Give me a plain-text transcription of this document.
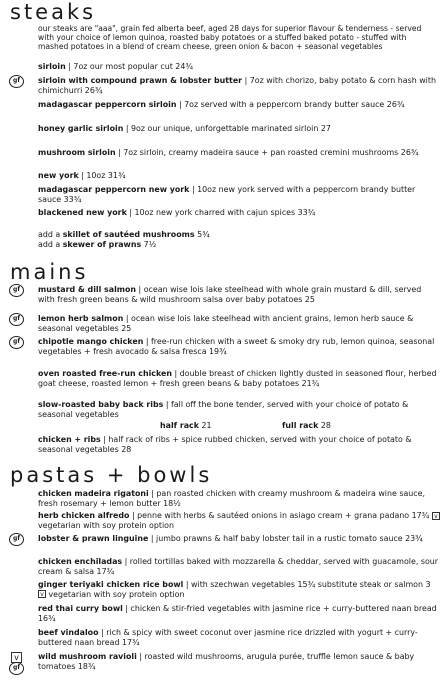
steaks
our steaks are "aaa", grain fed alberta beef, aged 28 days for superior flavour & tenderness - served with your choice of lemon quinoa, roasted baby potatoes or a stuffed baked potato - stuffed with mashed potatoes in a blend of cream cheese, green onion & bacon + seasonal vegetables
sirloin | 7oz our most popular cut 24¾
gf	sirloin with compound prawn & lobster butter | 7oz with chorizo, baby potato & corn hash with chimichurri 26¾
madagascar peppercorn sirloin | 7oz served with a peppercorn brandy butter sauce 26¾
honey garlic sirloin | 9oz our unique, unforgettable marinated sirloin 27
mushroom sirloin | 7oz sirloin, creamy madeira sauce + pan roasted cremini mushrooms 26¾
new york | 10oz 31¾
madagascar peppercorn new york | 10oz new york served with a peppercorn brandy butter sauce 33¾
blackened new york | 10oz new york charred with cajun spices 33¾
add a skillet of sautéed mushrooms 5¾
add a skewer of prawns 7½
mains
gf	mustard & dill salmon | ocean wise lois lake steelhead with whole grain mustard & dill, served with fresh green beans & wild mushroom salsa over baby potatoes 25
gf	lemon herb salmon | ocean wise lois lake steelhead with ancient grains, lemon herb sauce & seasonal vegetables 25
gf	chipotle mango chicken | free-run chicken with a sweet & smoky dry rub, lemon quinoa, seasonal vegetables + fresh avocado & salsa fresca 19¾
oven roasted free-run chicken | double breast of chicken lightly dusted in seasoned flour, herbed goat cheese, roasted lemon + fresh green beans & baby potatoes 21¾
slow-roasted baby back ribs | fall off the bone tender, served with your choice of potato & seasonal vegetables
half rack 21	full rack 28
chicken + ribs | half rack of ribs + spice rubbed chicken, served with your choice of potato & seasonal vegetables 28
pastas + bowls
chicken madeira rigatoni | pan roasted chicken with creamy mushroom & madeira wine sauce, fresh rosemary + lemon butter 18½
herb chicken alfredo | penne with herbs & sautéed onions in asiago cream + grana padano 17¾ v vegetarian with soy protein option
gf	lobster & prawn linguine | jumbo prawns & half baby lobster tail in a rustic tomato sauce 23¾
chicken enchiladas | rolled tortillas baked with mozzarella & cheddar, served with guacamole, sour cream & salsa 17¾
ginger teriyaki chicken rice bowl | with szechwan vegetables 15¾ substitute steak or salmon 3 v vegetarian with soy protein option
red thai curry bowl | chicken & stir-fried vegetables with jasmine rice + curry-buttered naan bread 16¾
beef vindaloo | rich & spicy with sweet coconut over jasmine rice drizzled with yogurt + curry-buttered naan bread 17¾
v
gf
wild mushroom ravioli | roasted wild mushrooms, arugula purée, truffle lemon sauce & baby tomatoes 18¾
